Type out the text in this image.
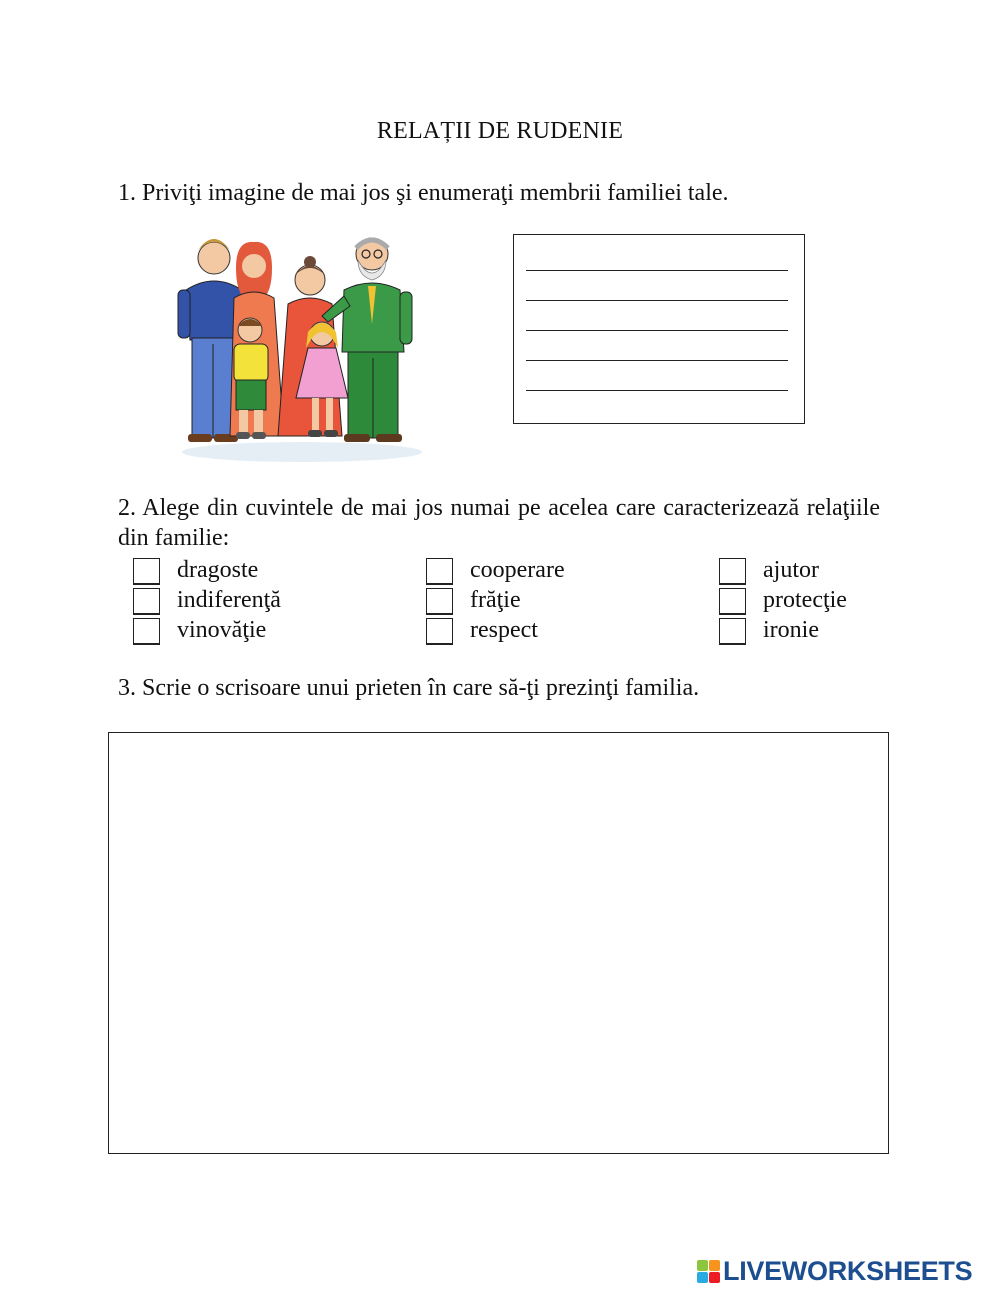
RELAȚII DE RUDENIE
1. Priviţi imagine de mai jos şi enumeraţi membrii familiei tale.
2. Alege din cuvintele de mai jos numai pe acelea care caracterizează relaţiile din familie:
dragoste
indiferenţă
vinovăţie
cooperare
frăţie
respect
ajutor
protecţie
ironie
3. Scrie o scrisoare unui prieten în care să-ţi prezinţi familia.
LIVEWORKSHEETS
